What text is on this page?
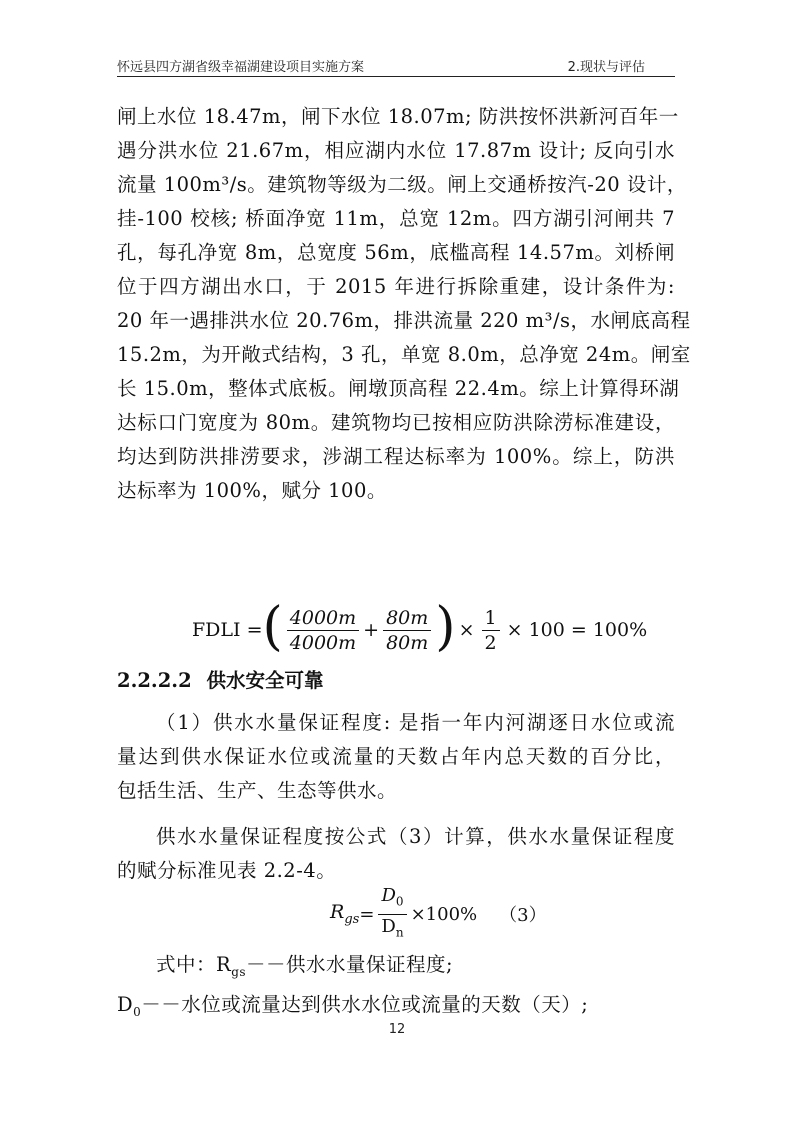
怀远县四方湖省级幸福湖建设项目实施方案	2.现状与评估
闸上水位 18.47m，闸下水位 18.07m; 防洪按怀洪新河百年一
遇分洪水位 21.67m，相应湖内水位 17.87m 设计; 反向引水
流量 100m³/s。建筑物等级为二级。闸上交通桥按汽-20 设计，
挂-100 校核; 桥面净宽 11m，总宽 12m。四方湖引河闸共 7
孔，每孔净宽 8m，总宽度 56m，底槛高程 14.57m。刘桥闸
位于四方湖出水口，于 2015 年进行拆除重建，设计条件为:
20 年一遇排洪水位 20.76m，排洪流量 220 m³/s，水闸底高程
15.2m，为开敞式结构，3 孔，单宽 8.0m，总净宽 24m。闸室
长 15.0m，整体式底板。闸墩顶高程 22.4m。综上计算得环湖
达标口门宽度为 80m。建筑物均已按相应防洪除涝标准建设，
均达到防洪排涝要求，涉湖工程达标率为 100%。综上，防洪
达标率为 100%，赋分 100。
FDLI = ( $\frac{4000m}{4000m} + \frac{80m}{80m}$ ) × $\frac{1}{2} \times 100 = 100\%$
2.2.2.2 供水安全可靠
（1）供水水量保证程度: 是指一年内河湖逐日水位或流
量达到供水保证水位或流量的天数占年内总天数的百分比，
包括生活、生产、生态等供水。
供水水量保证程度按公式（3）计算，供水水量保证程度
的赋分标准见表 2.2-4。
$R_{gs} = \frac{D_0}{D_n} \times 100\%$ （3）
式中：$R_{gs}--$供水水量保证程度;
$D_0--$水位或流量达到供水水位或流量的天数（天）;
12
